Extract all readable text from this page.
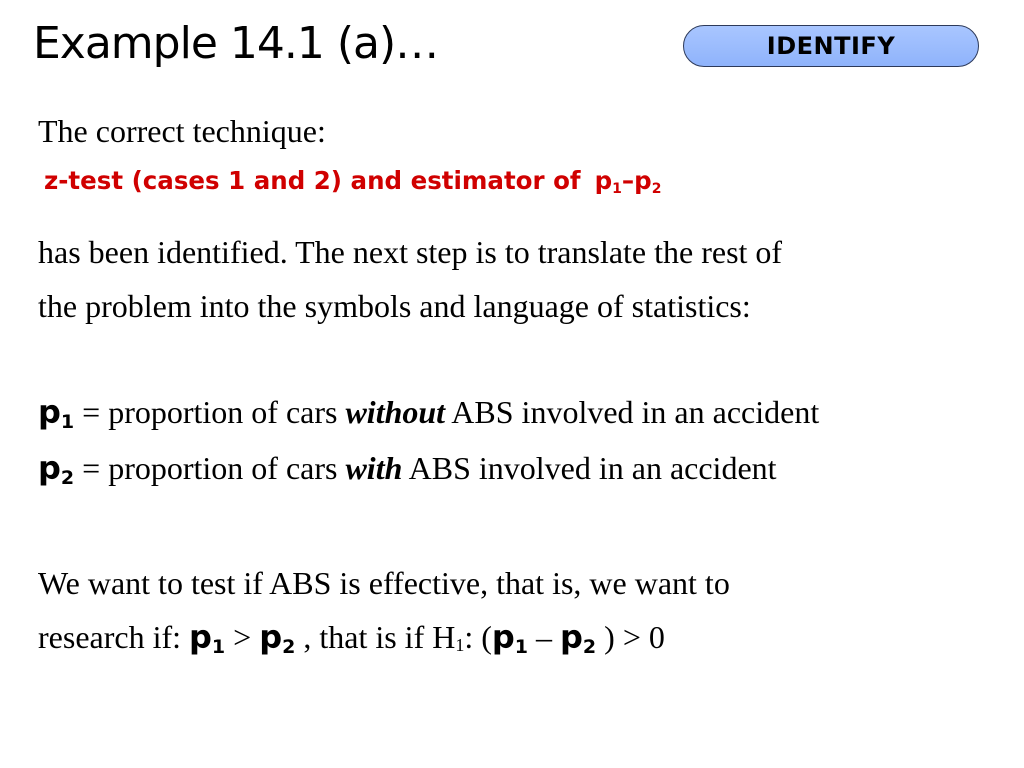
Example 14.1 (a)…	IDENTIFY
The correct technique:
z-test (cases 1 and 2) and estimator of $p_1-p_2$
has been identified. The next step is to translate the rest of
the problem into the symbols and language of statistics:
$p_1$ = proportion of cars without ABS involved in an accident
$p_2$ = proportion of cars with ABS involved in an accident
We want to test if ABS is effective, that is, we want to
research if: $p_1 > p_2$ , that is if $H_1$: ($p_1 - p_2$ ) > 0
